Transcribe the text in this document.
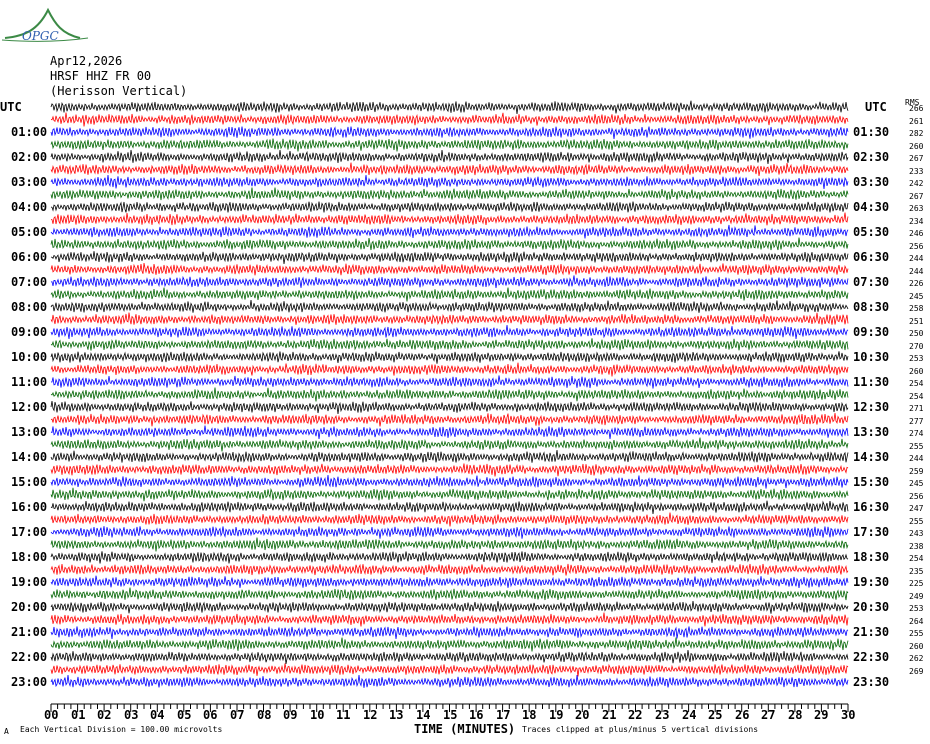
OPGC
Apr12,2026
HRSF HHZ FR 00
(Herisson Vertical)
UTC	UTC RMS
01:00
02:00
03:00
04:00
05:00
06:00
07:00
08:00
09:00
10:00
11:00
12:00
13:00
14:00
15:00
16:00
17:00
18:00
19:00
20:00
21:00
22:00
23:00
01:30
02:30
03:30
04:30
05:30
06:30
07:30
08:30
09:30
10:30
11:30
12:30
13:30
14:30
15:30
16:30
17:30
18:30
19:30
20:30
21:30
22:30
23:30
266
261
282
260
267
233
242
267
263
234
246
256
244
244
226
245
258
251
250
270
253
260
254
254
271
277
274
255
244
259
245
256
247
255
243
238
254
235
225
249
253
264
255
260
262
269
00 01 02 03 04 05 06 07 08 09 10 11 12 13 14 15 16 17 18 19 20 21 22 23 24 25 26 27 28 29 30
A Each Vertical Division = 100.00 microvolts	TIME (MINUTES) Traces clipped at plus/minus 5 vertical divisions
